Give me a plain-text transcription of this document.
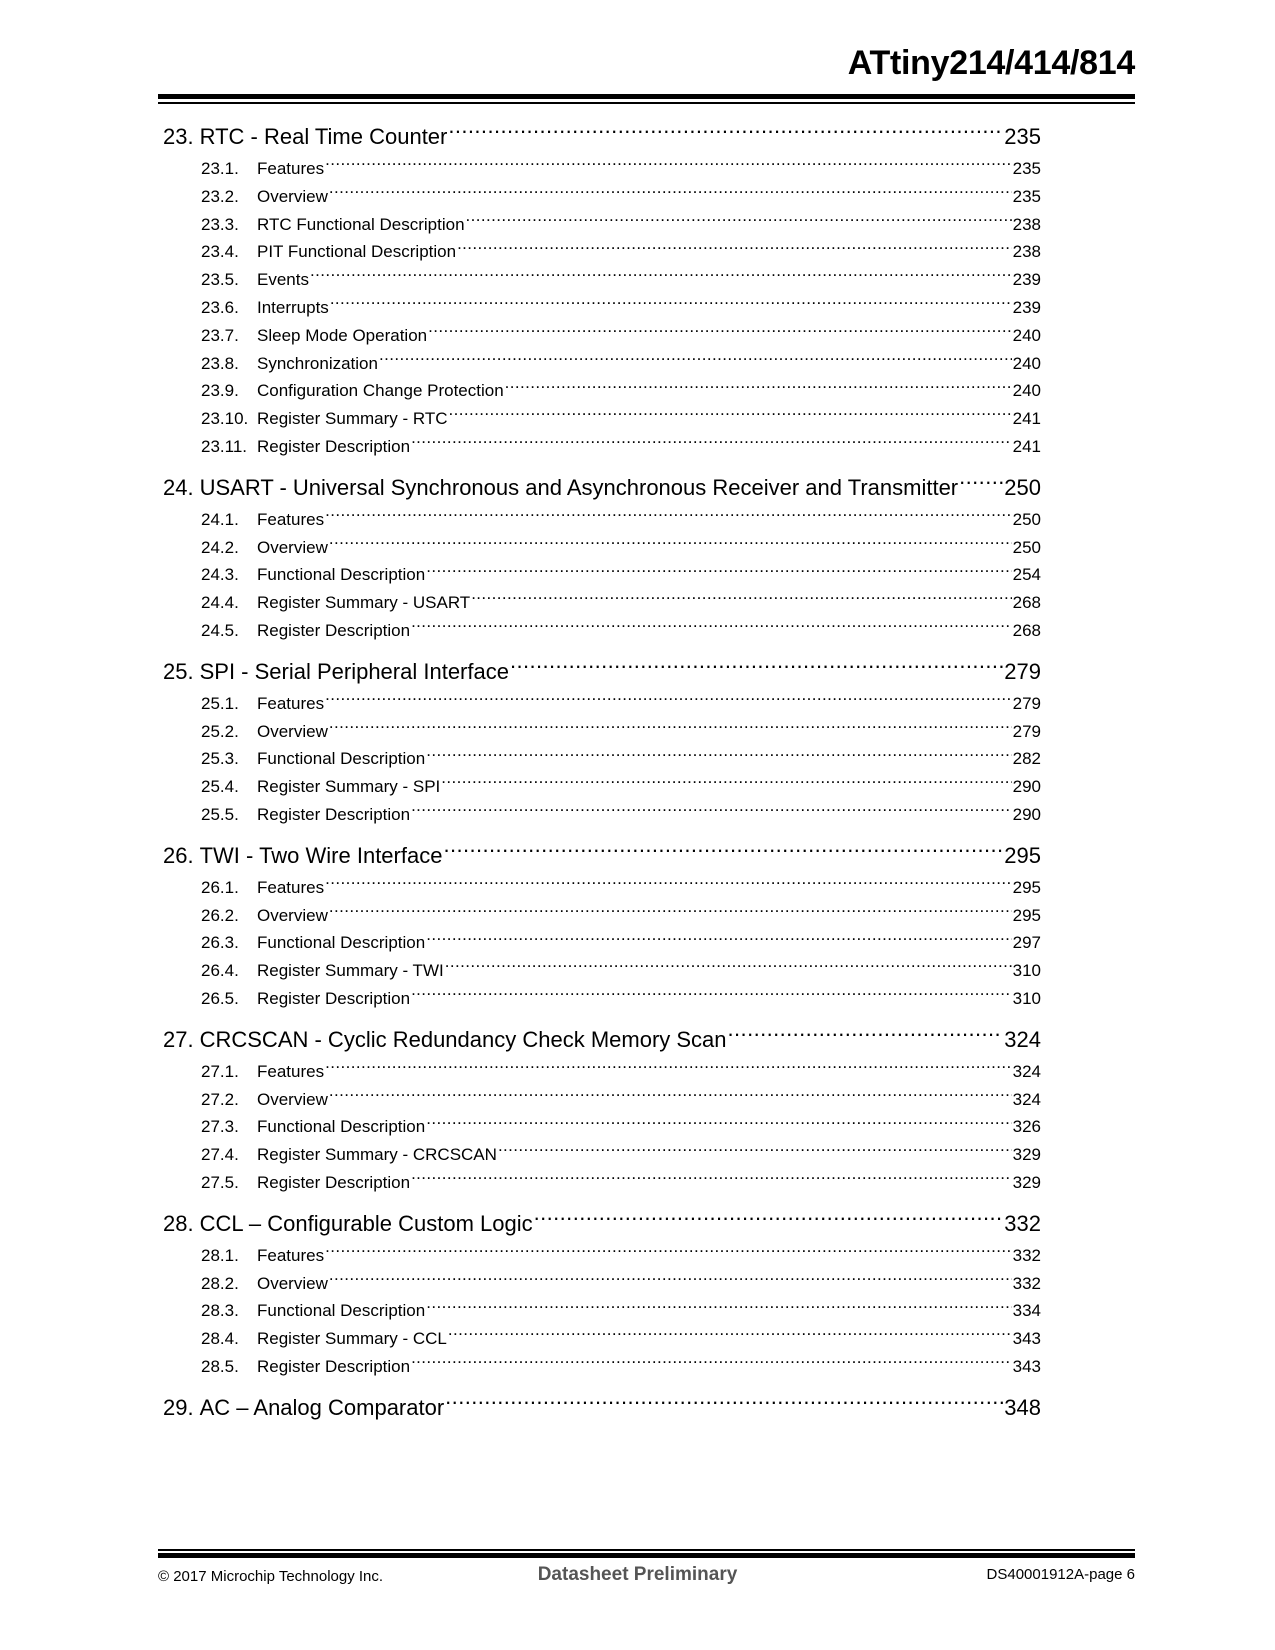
ATtiny214/414/814
23. RTC - Real Time Counter .....	235
23.1. Features .....	235
23.2. Overview .....	235
23.3. RTC Functional Description .....	238
23.4. PIT Functional Description .....	238
23.5. Events .....	239
23.6. Interrupts .....	239
23.7. Sleep Mode Operation .....	240
23.8. Synchronization .....	240
23.9. Configuration Change Protection .....	240
23.10. Register Summary - RTC .....	241
23.11. Register Description .....	241
24. USART - Universal Synchronous and Asynchronous Receiver and Transmitter ..... 250
24.1. Features .....	250
24.2. Overview .....	250
24.3. Functional Description .....	254
24.4. Register Summary - USART .....	268
24.5. Register Description .....	268
25. SPI - Serial Peripheral Interface .....	279
25.1. Features .....	279
25.2. Overview .....	279
25.3. Functional Description .....	282
25.4. Register Summary - SPI .....	290
25.5. Register Description .....	290
26. TWI - Two Wire Interface .....	295
26.1. Features .....	295
26.2. Overview .....	295
26.3. Functional Description .....	297
26.4. Register Summary - TWI .....	310
26.5. Register Description .....	310
27. CRCSCAN - Cyclic Redundancy Check Memory Scan .....	324
27.1. Features .....	324
27.2. Overview .....	324
27.3. Functional Description .....	326
27.4. Register Summary - CRCSCAN .....	329
27.5. Register Description .....	329
28. CCL – Configurable Custom Logic .....	332
28.1. Features .....	332
28.2. Overview .....	332
28.3. Functional Description .....	334
28.4. Register Summary - CCL .....	343
28.5. Register Description .....	343
29. AC – Analog Comparator .....	348
© 2017 Microchip Technology Inc.	Datasheet Preliminary	DS40001912A-page 6
